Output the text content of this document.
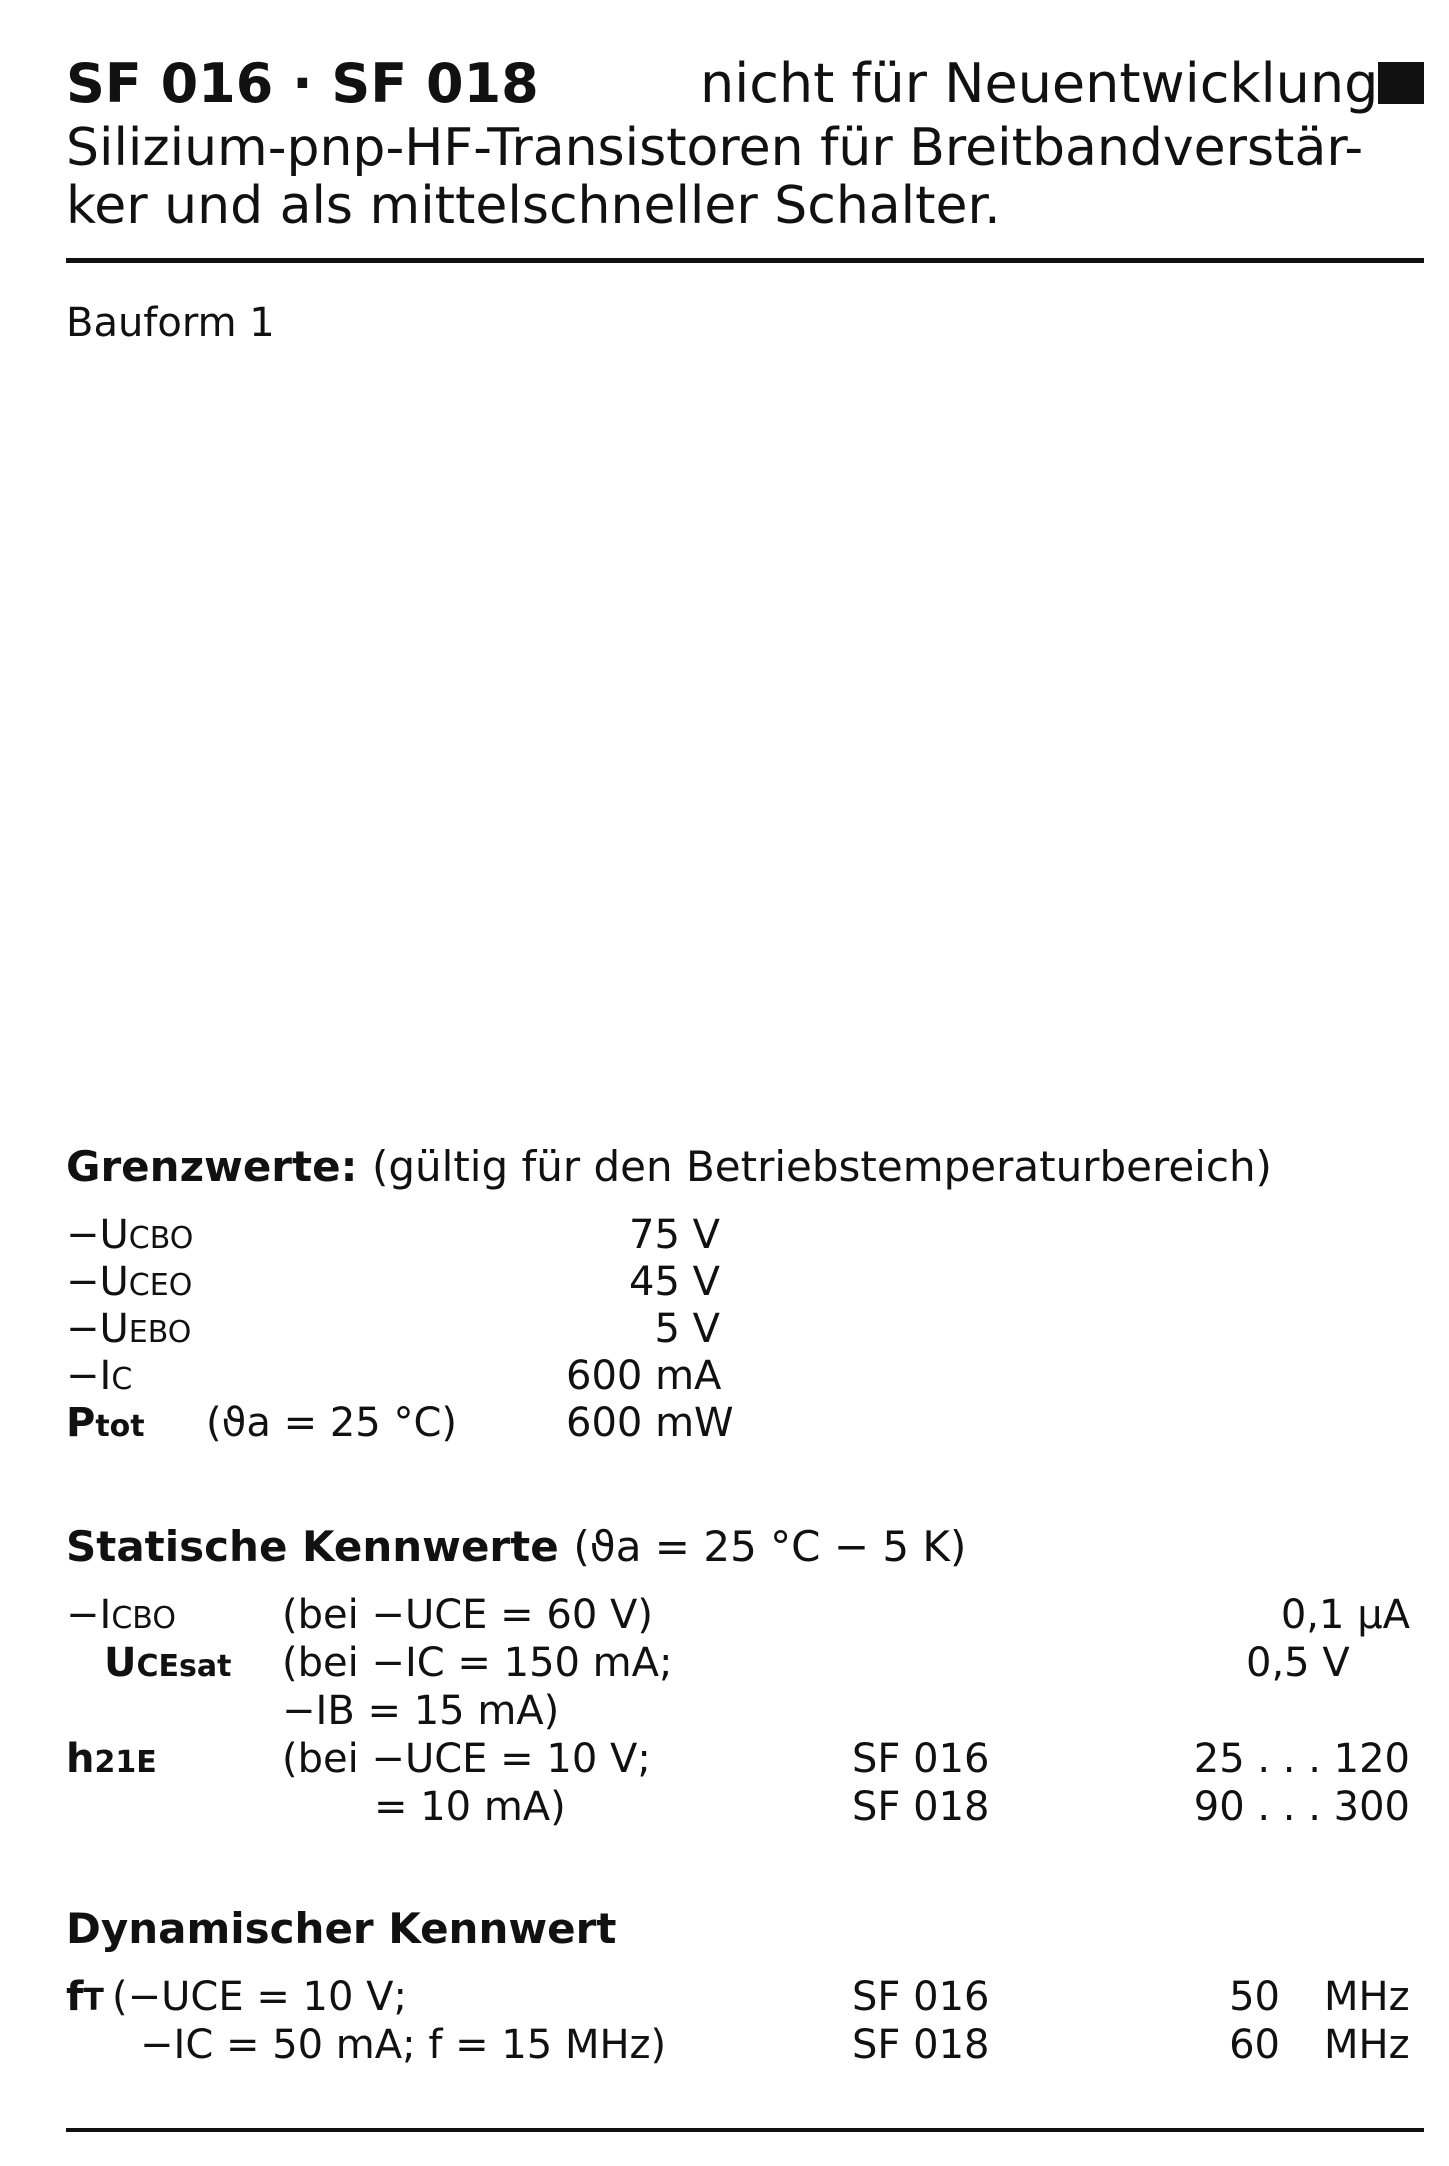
SF 016 · SF 018	nicht für Neuentwicklung
Silizium-pnp-HF-Transistoren für Breitbandverstär-
ker und als mittelschneller Schalter.
Bauform 1
Grenzwerte: (gültig für den Betriebstemperaturbereich)
−UCBO	75 V
−UCEO	45 V
−UEBO	5 V
−IC	600 mA
Ptot (ϑa = 25 °C)	600 mW
Statische Kennwerte (ϑa = 25 °C − 5 K)
−ICBO	(bei −UCE = 60 V)	0,1 µA
UCEsat (bei −IC = 150 mA;	0,5 V
−IB = 15 mA)
h21E	(bei −UCE = 10 V;	SF 016	25 . . . 120
= 10 mA)	SF 018	90 . . . 300
Dynamischer Kennwert
fT (−UCE = 10 V;	SF 016	50 MHz
−IC = 50 mA; f = 15 MHz)	SF 018	60 MHz
